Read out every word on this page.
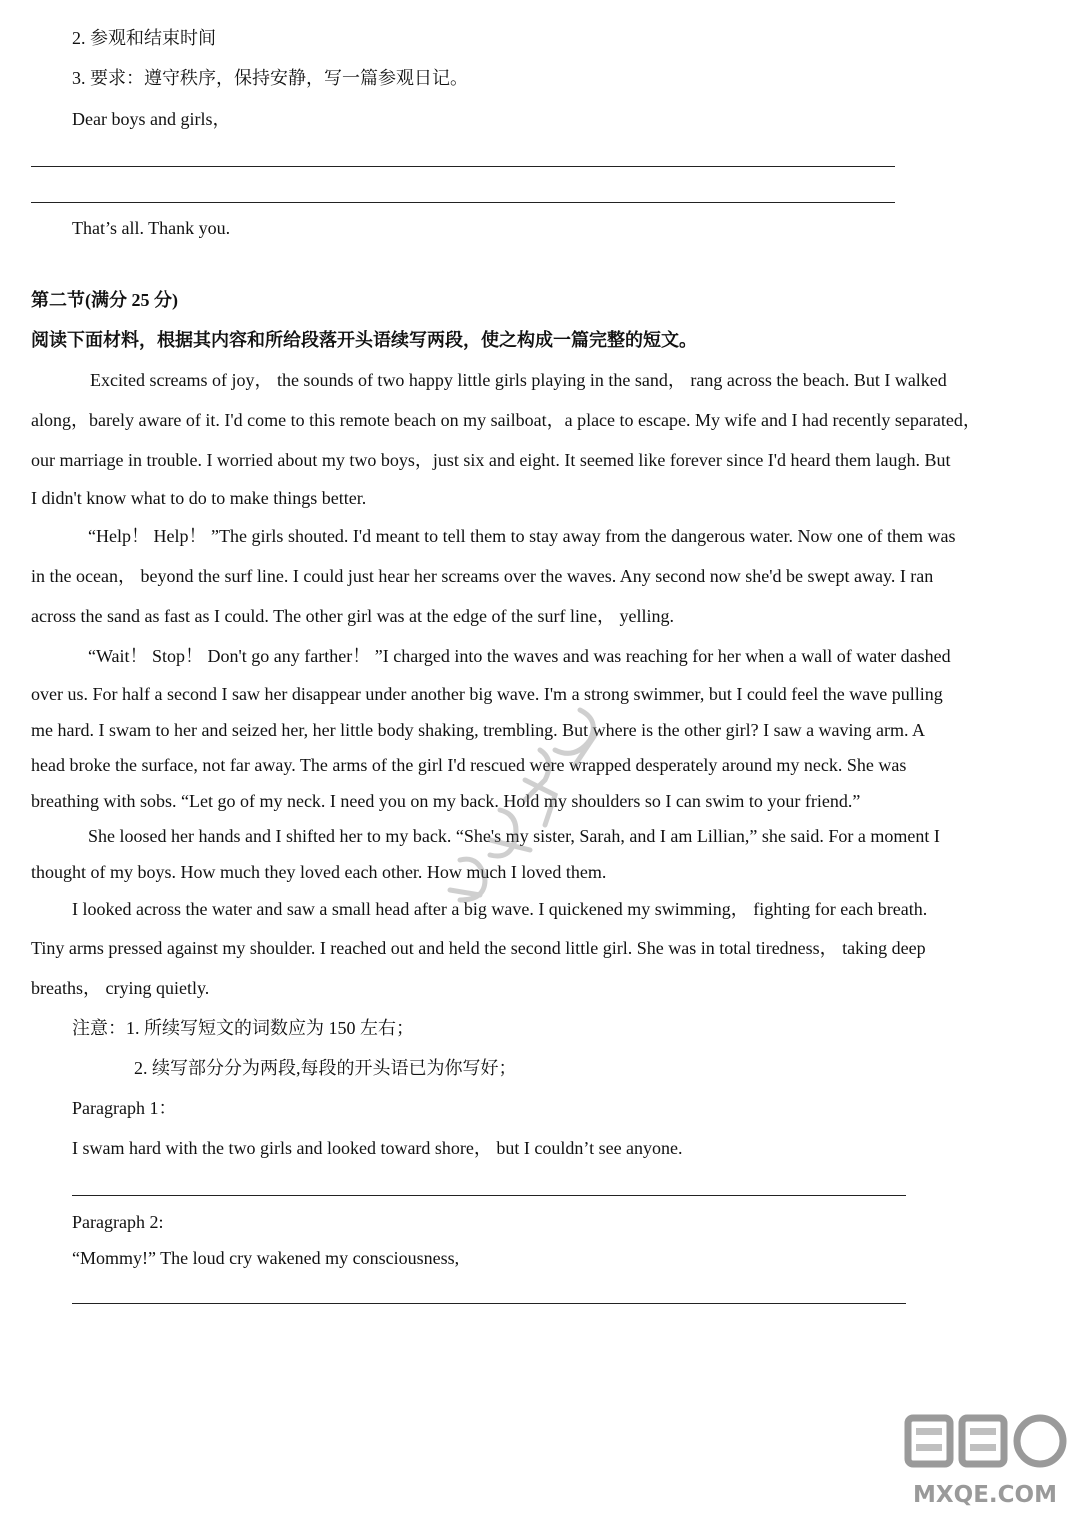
2. 参观和结束时间
3. 要求：遵守秩序，保持安静，写一篇参观日记。
Dear boys and girls，
That’s all. Thank you.
第二节(满分 25 分)
阅读下面材料，根据其内容和所给段落开头语续写两段，使之构成一篇完整的短文。
Excited screams of joy， the sounds of two happy little girls playing in the sand， rang across the beach. But I walked
along，barely aware of it. I'd come to this remote beach on my sailboat，a place to escape. My wife and I had recently separated，
our marriage in trouble. I worried about my two boys，just six and eight. It seemed like forever since I'd heard them laugh. But
I didn't know what to do to make things better.
“Help！ Help！ ”The girls shouted. I'd meant to tell them to stay away from the dangerous water. Now one of them was
in the ocean， beyond the surf line. I could just hear her screams over the waves. Any second now she'd be swept away. I ran
across the sand as fast as I could. The other girl was at the edge of the surf line， yelling.
“Wait！ Stop！ Don't go any farther！ ”I charged into the waves and was reaching for her when a wall of water dashed
over us. For half a second I saw her disappear under another big wave. I'm a strong swimmer, but I could feel the wave pulling
me hard. I swam to her and seized her, her little body shaking, trembling. But where is the other girl? I saw a waving arm. A
head broke the surface, not far away. The arms of the girl I'd rescued were wrapped desperately around my neck. She was
breathing with sobs. “Let go of my neck. I need you on my back. Hold my shoulders so I can swim to your friend.”
She loosed her hands and I shifted her to my back. “She's my sister, Sarah, and I am Lillian,” she said. For a moment I
thought of my boys. How much they loved each other. How much I loved them.
I looked across the water and saw a small head after a big wave. I quickened my swimming， fighting for each breath.
Tiny arms pressed against my shoulder. I reached out and held the second little girl. She was in total tiredness， taking deep
breaths， crying quietly.
注意：1. 所续写短文的词数应为 150 左右；
2. 续写部分分为两段,每段的开头语已为你写好；
Paragraph 1：
I swam hard with the two girls and looked toward shore， but I couldn’t see anyone.
Paragraph 2:
“Mommy!” The loud cry wakened my consciousness,
MXQE.COM
